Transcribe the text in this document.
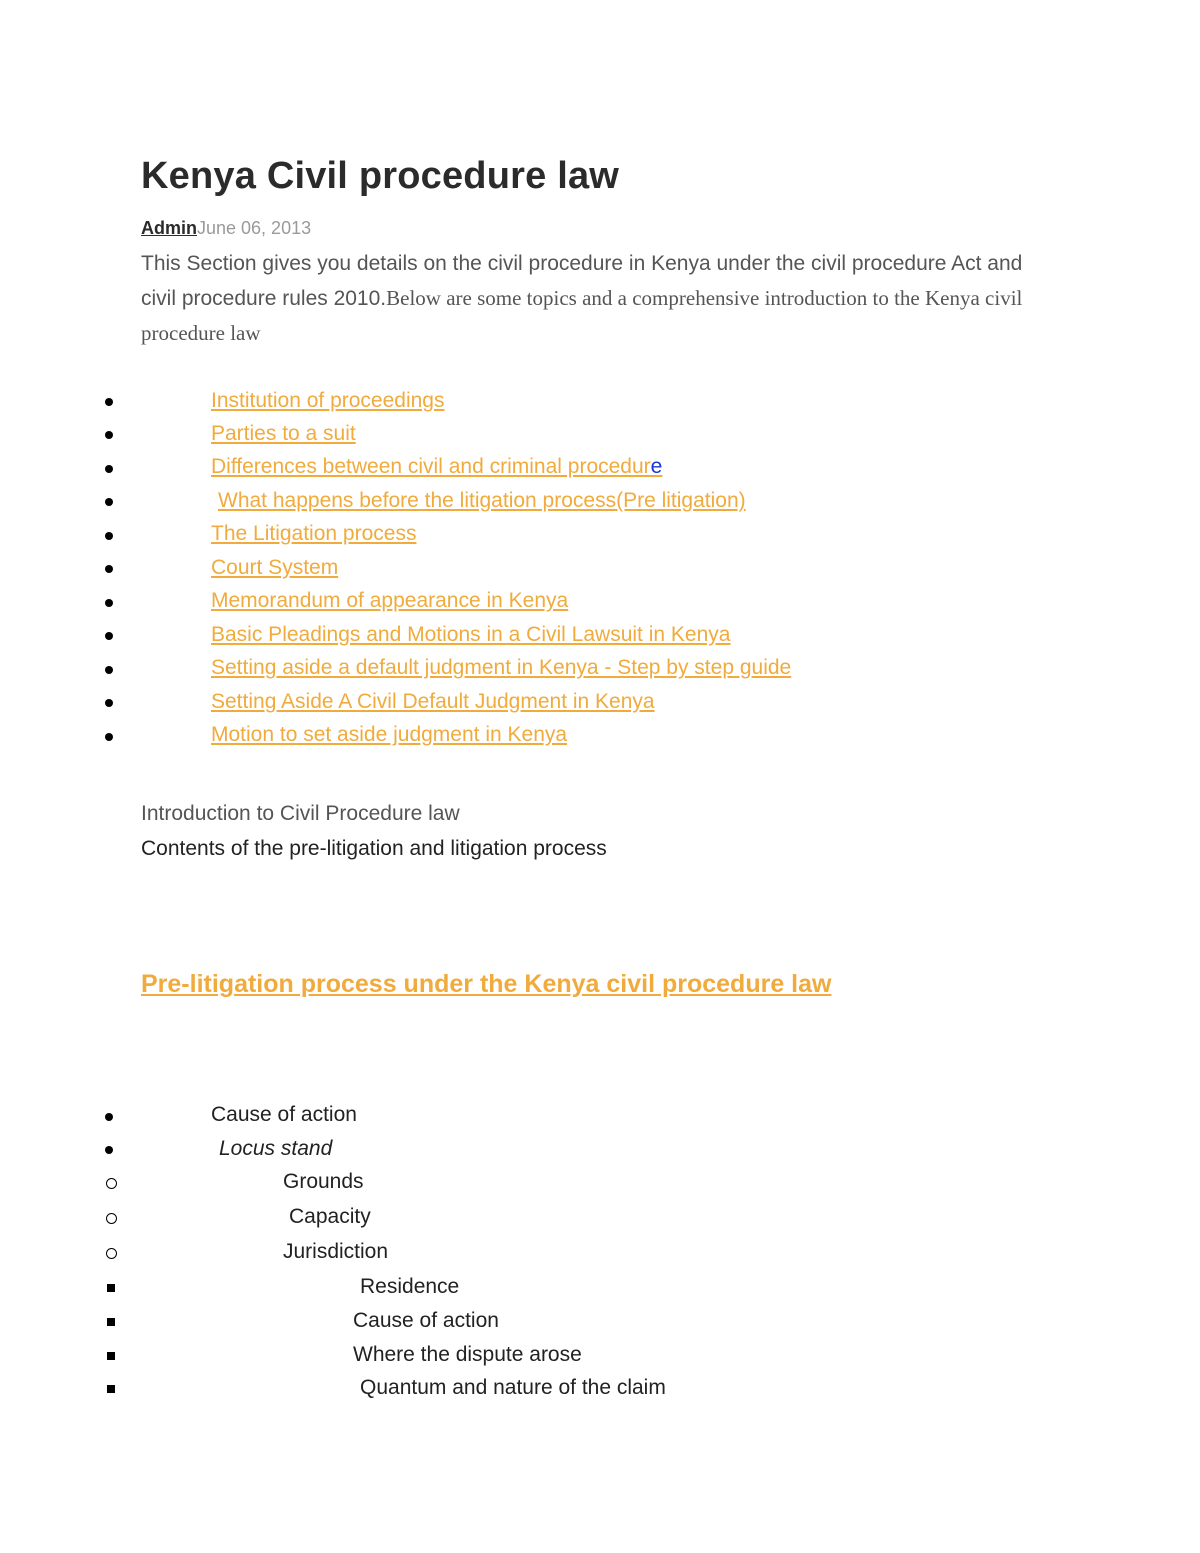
Kenya Civil procedure law
AdminJune 06, 2013
This Section gives you details on the civil procedure in Kenya under the civil procedure Act and civil procedure rules 2010.Below are some topics and a comprehensive introduction to the Kenya civil procedure law
Institution of proceedings
Parties to a suit
Differences between civil and criminal procedure
What happens before the litigation process(Pre litigation)
The Litigation process
Court System
Memorandum of appearance in Kenya
Basic Pleadings and Motions in a Civil Lawsuit in Kenya
Setting aside a default judgment in Kenya - Step by step guide
Setting Aside A Civil Default Judgment in Kenya
Motion to set aside judgment in Kenya
Introduction to Civil Procedure law
Contents of the pre-litigation and litigation process
Pre-litigation process under the Kenya civil procedure law
Cause of action
Locus stand
Grounds
Capacity
Jurisdiction
Residence
Cause of action
Where the dispute arose
Quantum and nature of the claim
